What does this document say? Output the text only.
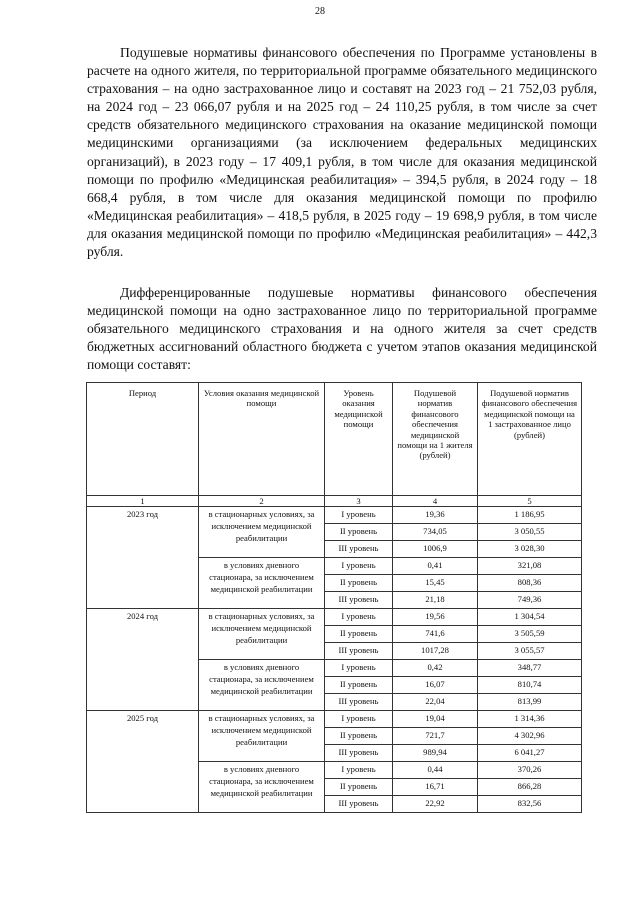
28

Подушевые нормативы финансового обеспечения по Программе установлены в расчете на одного жителя, по территориальной программе обязательного медицинского страхования – на одно застрахованное лицо и составят на 2023 год – 21 752,03 рубля, на 2024 год – 23 066,07 рубля и на 2025 год – 24 110,25 рубля, в том числе за счет средств обязательного медицинского страхования на оказание медицинской помощи медицинскими организациями (за исключением федеральных медицинских организаций), в 2023 году – 17 409,1 рубля, в том числе для оказания медицинской помощи по профилю «Медицинская реабилитация» – 394,5 рубля, в 2024 году – 18 668,4 рубля, в том числе для оказания медицинской помощи по профилю «Медицинская реабилитация» – 418,5 рубля, в 2025 году – 19 698,9 рубля, в том числе для оказания медицинской помощи по профилю «Медицинская реабилитация» – 442,3 рубля.

Дифференцированные подушевые нормативы финансового обеспечения медицинской помощи на одно застрахованное лицо по территориальной программе обязательного медицинского страхования и на одного жителя за счет средств бюджетных ассигнований областного бюджета с учетом этапов оказания медицинской помощи составят:

Период	Условия оказания медицинской помощи	Уровень оказания медицинской помощи	Подушевой норматив финансового обеспечения медицинской помощи на 1 жителя (рублей)	Подушевой норматив финансового обеспечения медицинской помощи на 1 застрахованное лицо (рублей)
1	2	3	4	5
2023 год	в стационарных условиях, за исключением медицинской реабилитации	I уровень	19,36	1 186,95
		II уровень	734,05	3 050,55
		III уровень	1006,9	3 028,30
	в условиях дневного стационара, за исключением медицинской реабилитации	I уровень	0,41	321,08
		II уровень	15,45	808,36
		III уровень	21,18	749,36
2024 год	в стационарных условиях, за исключением медицинской реабилитации	I уровень	19,56	1 304,54
		II уровень	741,6	3 505,59
		III уровень	1017,28	3 055,57
	в условиях дневного стационара, за исключением медицинской реабилитации	I уровень	0,42	348,77
		II уровень	16,07	810,74
		III уровень	22,04	813,99
2025 год	в стационарных условиях, за исключением медицинской реабилитации	I уровень	19,04	1 314,36
		II уровень	721,7	4 302,96
		III уровень	989,94	6 041,27
	в условиях дневного стационара, за исключением медицинской реабилитации	I уровень	0,44	370,26
		II уровень	16,71	866,28
		III уровень	22,92	832,56
